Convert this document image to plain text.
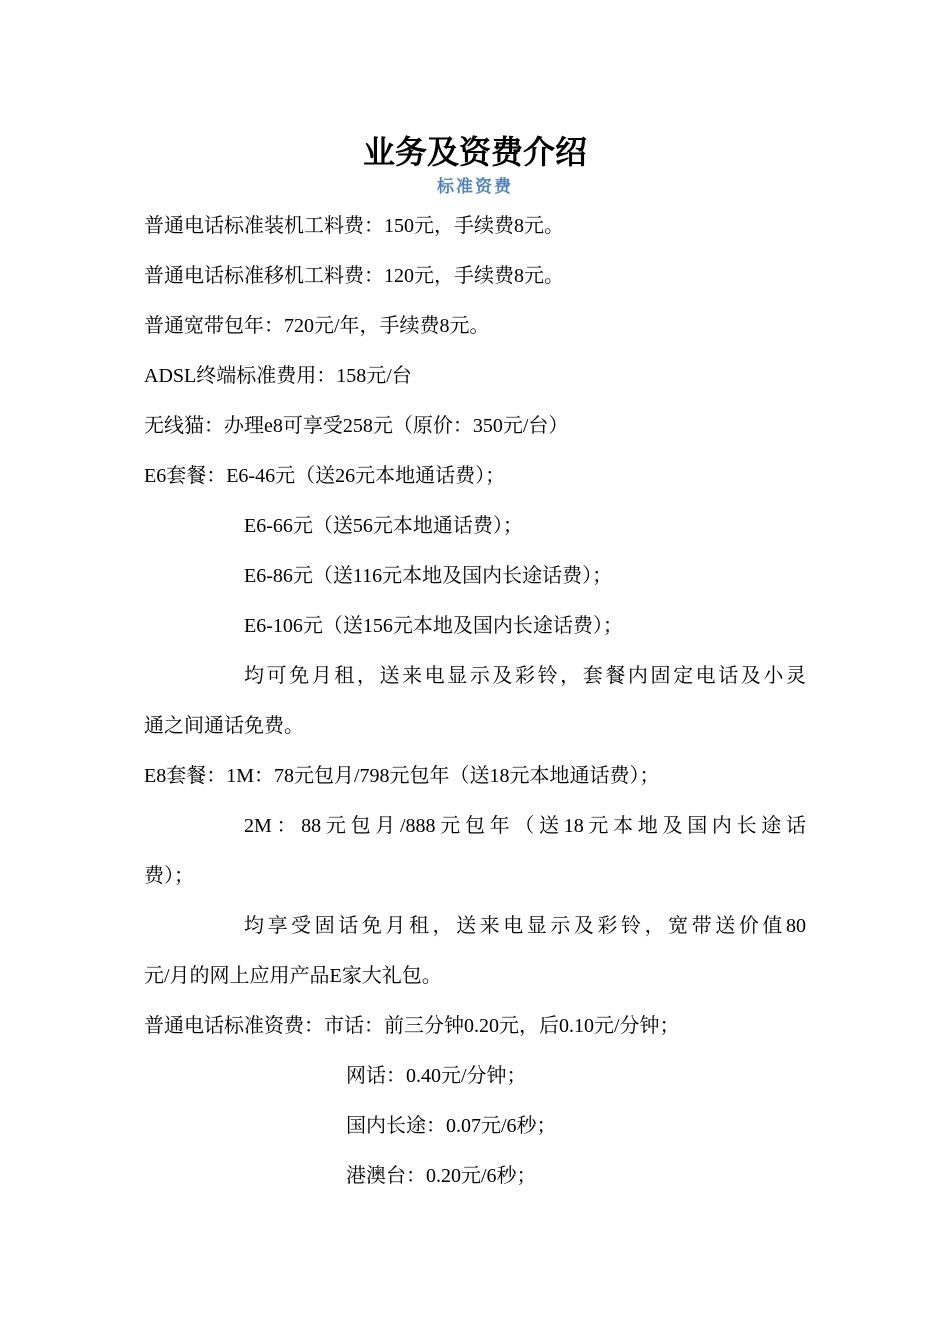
业务及资费介绍
标准资费

普通电话标准装机工料费：150元，手续费8元。

普通电话标准移机工料费：120元，手续费8元。

普通宽带包年：720元/年，手续费8元。

ADSL终端标准费用：158元/台

无线猫：办理e8可享受258元（原价：350元/台）

E6套餐：E6-46元（送26元本地通话费）；

E6-66元（送56元本地通话费）；

E6-86元（送116元本地及国内长途话费）；

E6-106元（送156元本地及国内长途话费）；

均可免月租，送来电显示及彩铃，套餐内固定电话及小灵

通之间通话免费。

E8套餐：1M：78元包月/798元包年（送18元本地通话费）；

2M：88元包月/888元包年（送18元本地及国内长途话

费）；

均享受固话免月租，送来电显示及彩铃，宽带送价值80

元/月的网上应用产品E家大礼包。

普通电话标准资费：市话：前三分钟0.20元，后0.10元/分钟；

网话：0.40元/分钟；

国内长途：0.07元/6秒；

港澳台：0.20元/6秒；
